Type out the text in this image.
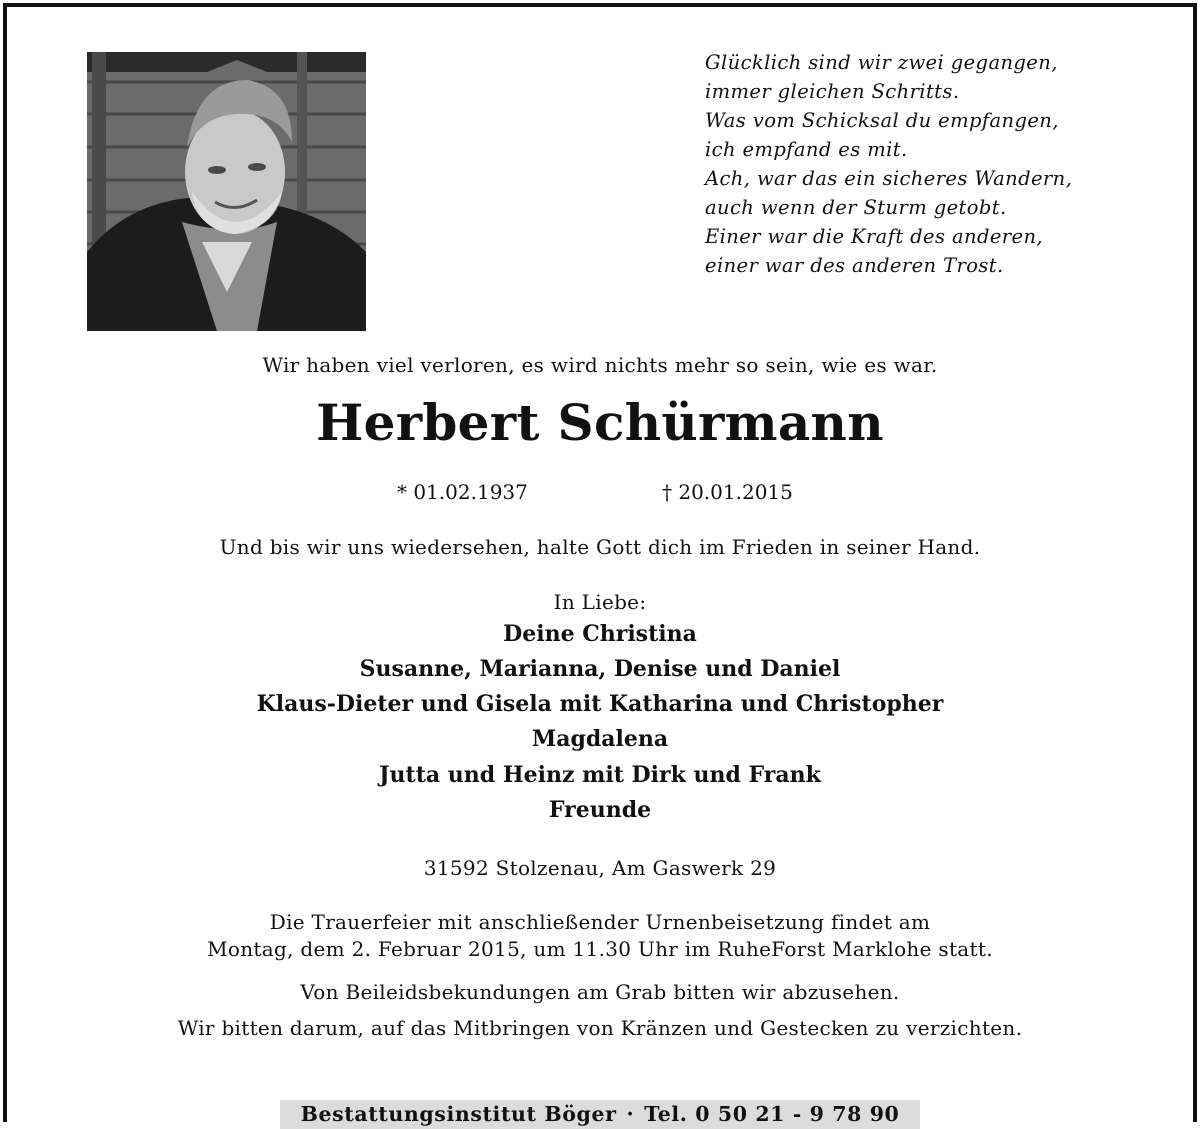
Glücklich sind wir zwei gegangen,
immer gleichen Schritts.
Was vom Schicksal du empfangen,
ich empfand es mit.
Ach, war das ein sicheres Wandern,
auch wenn der Sturm getobt.
Einer war die Kraft des anderen,
einer war des anderen Trost.
Wir haben viel verloren, es wird nichts mehr so sein, wie es war.
Herbert Schürmann
* 01.02.1937	† 20.01.2015
Und bis wir uns wiedersehen, halte Gott dich im Frieden in seiner Hand.
In Liebe:
Deine Christina
Susanne, Marianna, Denise und Daniel
Klaus-Dieter und Gisela mit Katharina und Christopher
Magdalena
Jutta und Heinz mit Dirk und Frank
Freunde
31592 Stolzenau, Am Gaswerk 29
Die Trauerfeier mit anschließender Urnenbeisetzung findet am
Montag, dem 2. Februar 2015, um 11.30 Uhr im RuheForst Marklohe statt.
Von Beileidsbekundungen am Grab bitten wir abzusehen.
Wir bitten darum, auf das Mitbringen von Kränzen und Gestecken zu verzichten.
Bestattungsinstitut Böger · Tel. 0 50 21 - 9 78 90
